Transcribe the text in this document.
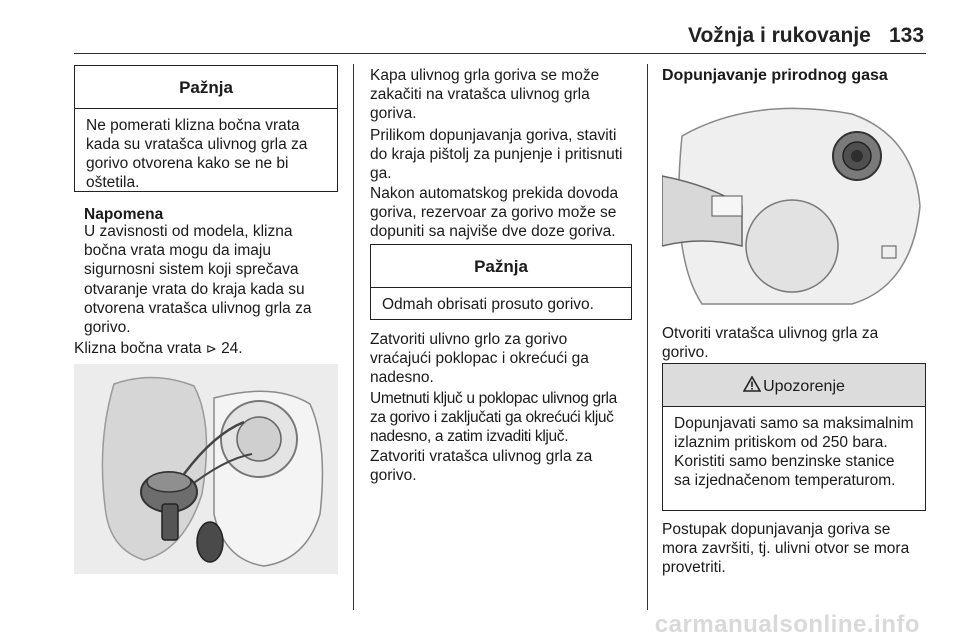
Vožnja i rukovanje 133
Pažnja
Ne pomerati klizna bočna vrata kada su vratašca ulivnog grla za gorivo otvorena kako se ne bi oštetila.
Napomena
U zavisnosti od modela, klizna bočna vrata mogu da imaju sigurnosni sistem koji sprečava otvaranje vrata do kraja kada su otvorena vratašca ulivnog grla za gorivo.
Klizna bočna vrata ⊳ 24.
Kapa ulivnog grla goriva se može zakačiti na vratašca ulivnog grla goriva.
Prilikom dopunjavanja goriva, staviti do kraja pištolj za punjenje i pritisnuti ga.
Nakon automatskog prekida dovoda goriva, rezervoar za gorivo može se dopuniti sa najviše dve doze goriva.
Pažnja
Odmah obrisati prosuto gorivo.
Zatvoriti ulivno grlo za gorivo vraćajući poklopac i okrećući ga nadesno.
Umetnuti ključ u poklopac ulivnog grla za gorivo i zaključati ga okrećući ključ nadesno, a zatim izvaditi ključ.
Zatvoriti vratašca ulivnog grla za gorivo.
Dopunjavanje prirodnog gasa
Otvoriti vratašca ulivnog grla za gorivo.
Upozorenje
Dopunjavati samo sa maksimalnim izlaznim pritiskom od 250 bara. Koristiti samo benzinske stanice sa izjednačenom temperaturom.
Postupak dopunjavanja goriva se mora završiti, tj. ulivni otvor se mora provetriti.
carmanualsonline.info
